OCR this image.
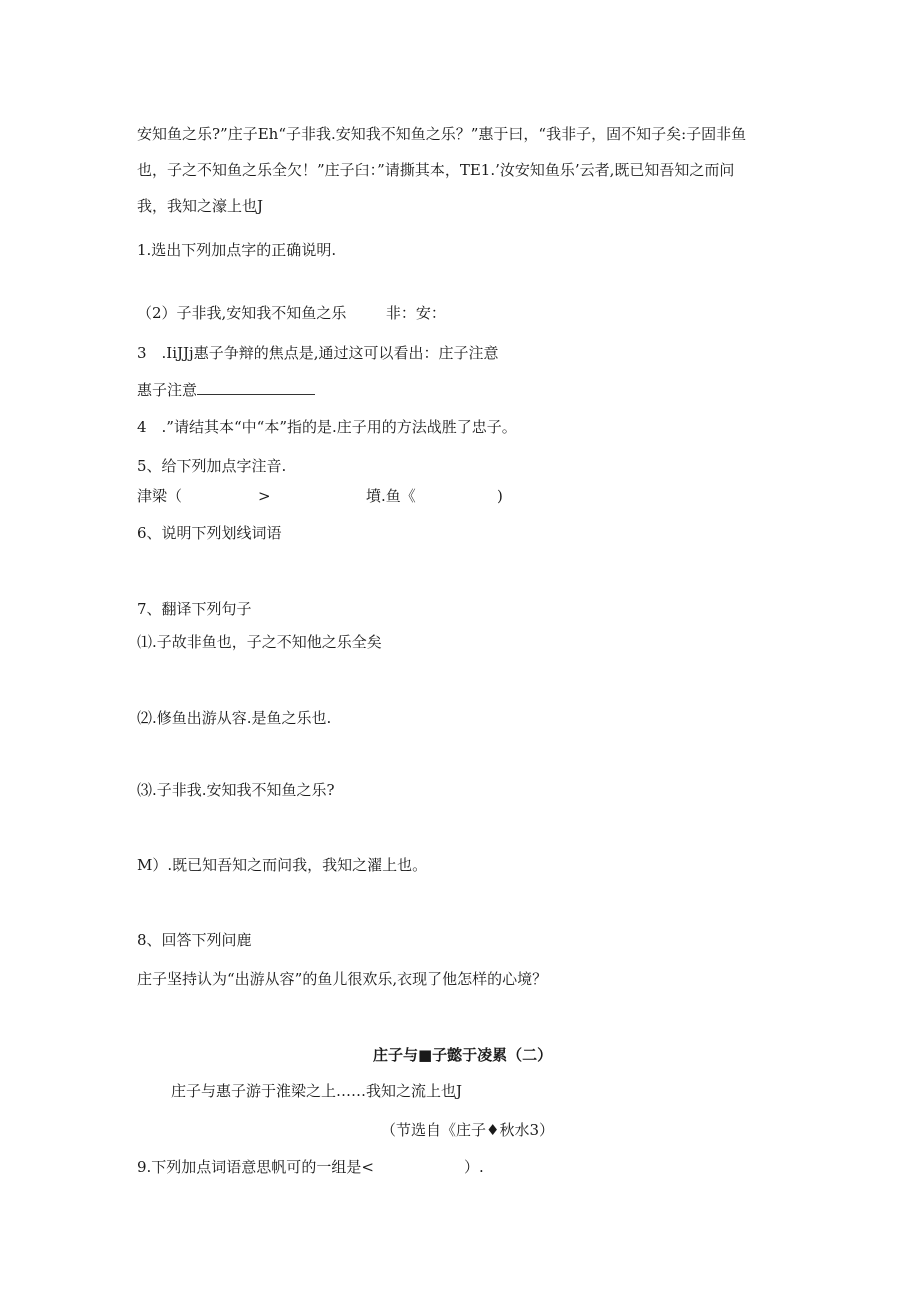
安知鱼之乐?”庄子Eh“子非我.安知我不知鱼之乐？”惠于曰，“我非子，固不知子矣:子固非鱼
也，子之不知鱼之乐全欠！”庄子臼：”请撕其本，TE1.’汝安知鱼乐’云者,既已知吾知之而问
我，我知之濠上也J
1.选出下列加点字的正确说明.
（2）子非我,安知我不知鱼之乐	非：安：
3　.IiJJj惠子争辩的焦点是,通过这可以看出：庄子注意
惠子注意
4　.”请结其本“中“本”指的是.庄子用的方法战胜了忠子。
5、给下列加点字注音.
津梁（	>	墳.鱼《	)
6、说明下列划线词语
7、翻译下列句子
⑴.子故非鱼也，子之不知他之乐全矣
⑵.修鱼出游从容.是鱼之乐也.
⑶.子非我.安知我不知鱼之乐?
M）.既已知吾知之而问我，我知之濯上也。
8、回答下列问鹿
庄子坚持认为“出游从容”的鱼儿很欢乐,衣现了他怎样的心境？
庄子与■子懿于凌累（二）
庄子与惠子游于淮梁之上……我知之流上也J
（节选自《庄子♦秋水3）
9.下列加点词语意思帆可的一组是<	）.
